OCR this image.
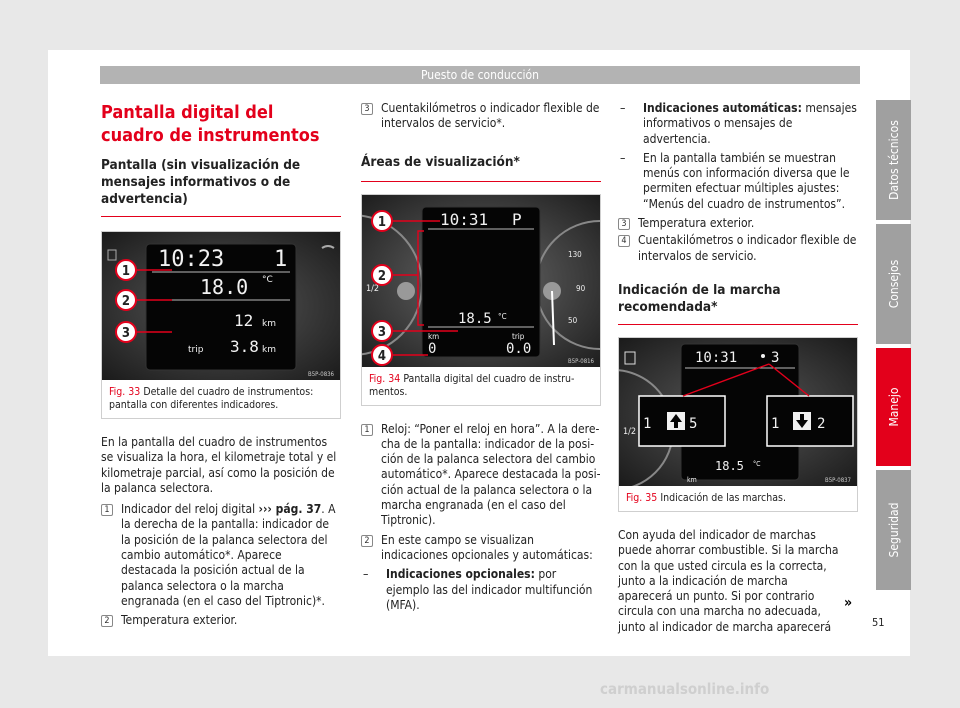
Puesto de conducción
Pantalla digital del cuadro de instrumentos
Pantalla (sin visualización de mensajes informativos o de advertencia)
10:23 1
18.0 °C
12 km
trip 3.8 km
1
2
3
B5P-0836
Fig. 33 Detalle del cuadro de instrumentos: pantalla con diferentes indicadores.

En la pantalla del cuadro de instrumentos se visualiza la hora, el kilometraje total y el kilometraje parcial, así como la posición de la palanca selectora.

1 Indicador del reloj digital ››› pág. 37. A la derecha de la pantalla: indicador de la posición de la palanca selectora del cambio automático*. Aparece destacada la posición actual de la palanca selectora o la marcha engranada (en el caso del Tiptronic)*.
2 Temperatura exterior.
3 Cuentakilómetros o indicador flexible de intervalos de servicio*.
Áreas de visualización*
10:31 P
18.5 °C
km
0
trip
0.0
130
90
50
1/2
1
2
3
4	B5P-0816
Fig. 34 Pantalla digital del cuadro de instrumentos.
1 Reloj: “Poner el reloj en hora”. A la derecha de la pantalla: indicador de la posición de la palanca selectora del cambio automático*. Aparece destacada la posición actual de la palanca selectora o la marcha engranada (en el caso del Tiptronic).
2 En este campo se visualizan indicaciones opcionales y automáticas:
– Indicaciones opcionales: por ejemplo las del indicador multifunción (MFA).
– Indicaciones automáticas: mensajes informativos o mensajes de advertencia.
– En la pantalla también se muestran menús con información diversa que le permiten efectuar múltiples ajustes: “Menús del cuadro de instrumentos”.
3 Temperatura exterior.
4 Cuentakilómetros o indicador flexible de intervalos de servicio.
Indicación de la marcha recomendada*
10:31 3
18.5 °C
km
1/2 1	5	1	2
B5P-0837
Fig. 35 Indicación de las marchas.

Con ayuda del indicador de marchas puede ahorrar combustible. Si la marcha con la que usted circula es la correcta, junto a la indicación de marcha aparecerá un punto. Si por contrario circula con una marcha no adecuada, junto al indicador de marcha aparecerá

»
Datos técnicos
Consejos
Manejo
Seguridad
51
carmanualsonline.info
